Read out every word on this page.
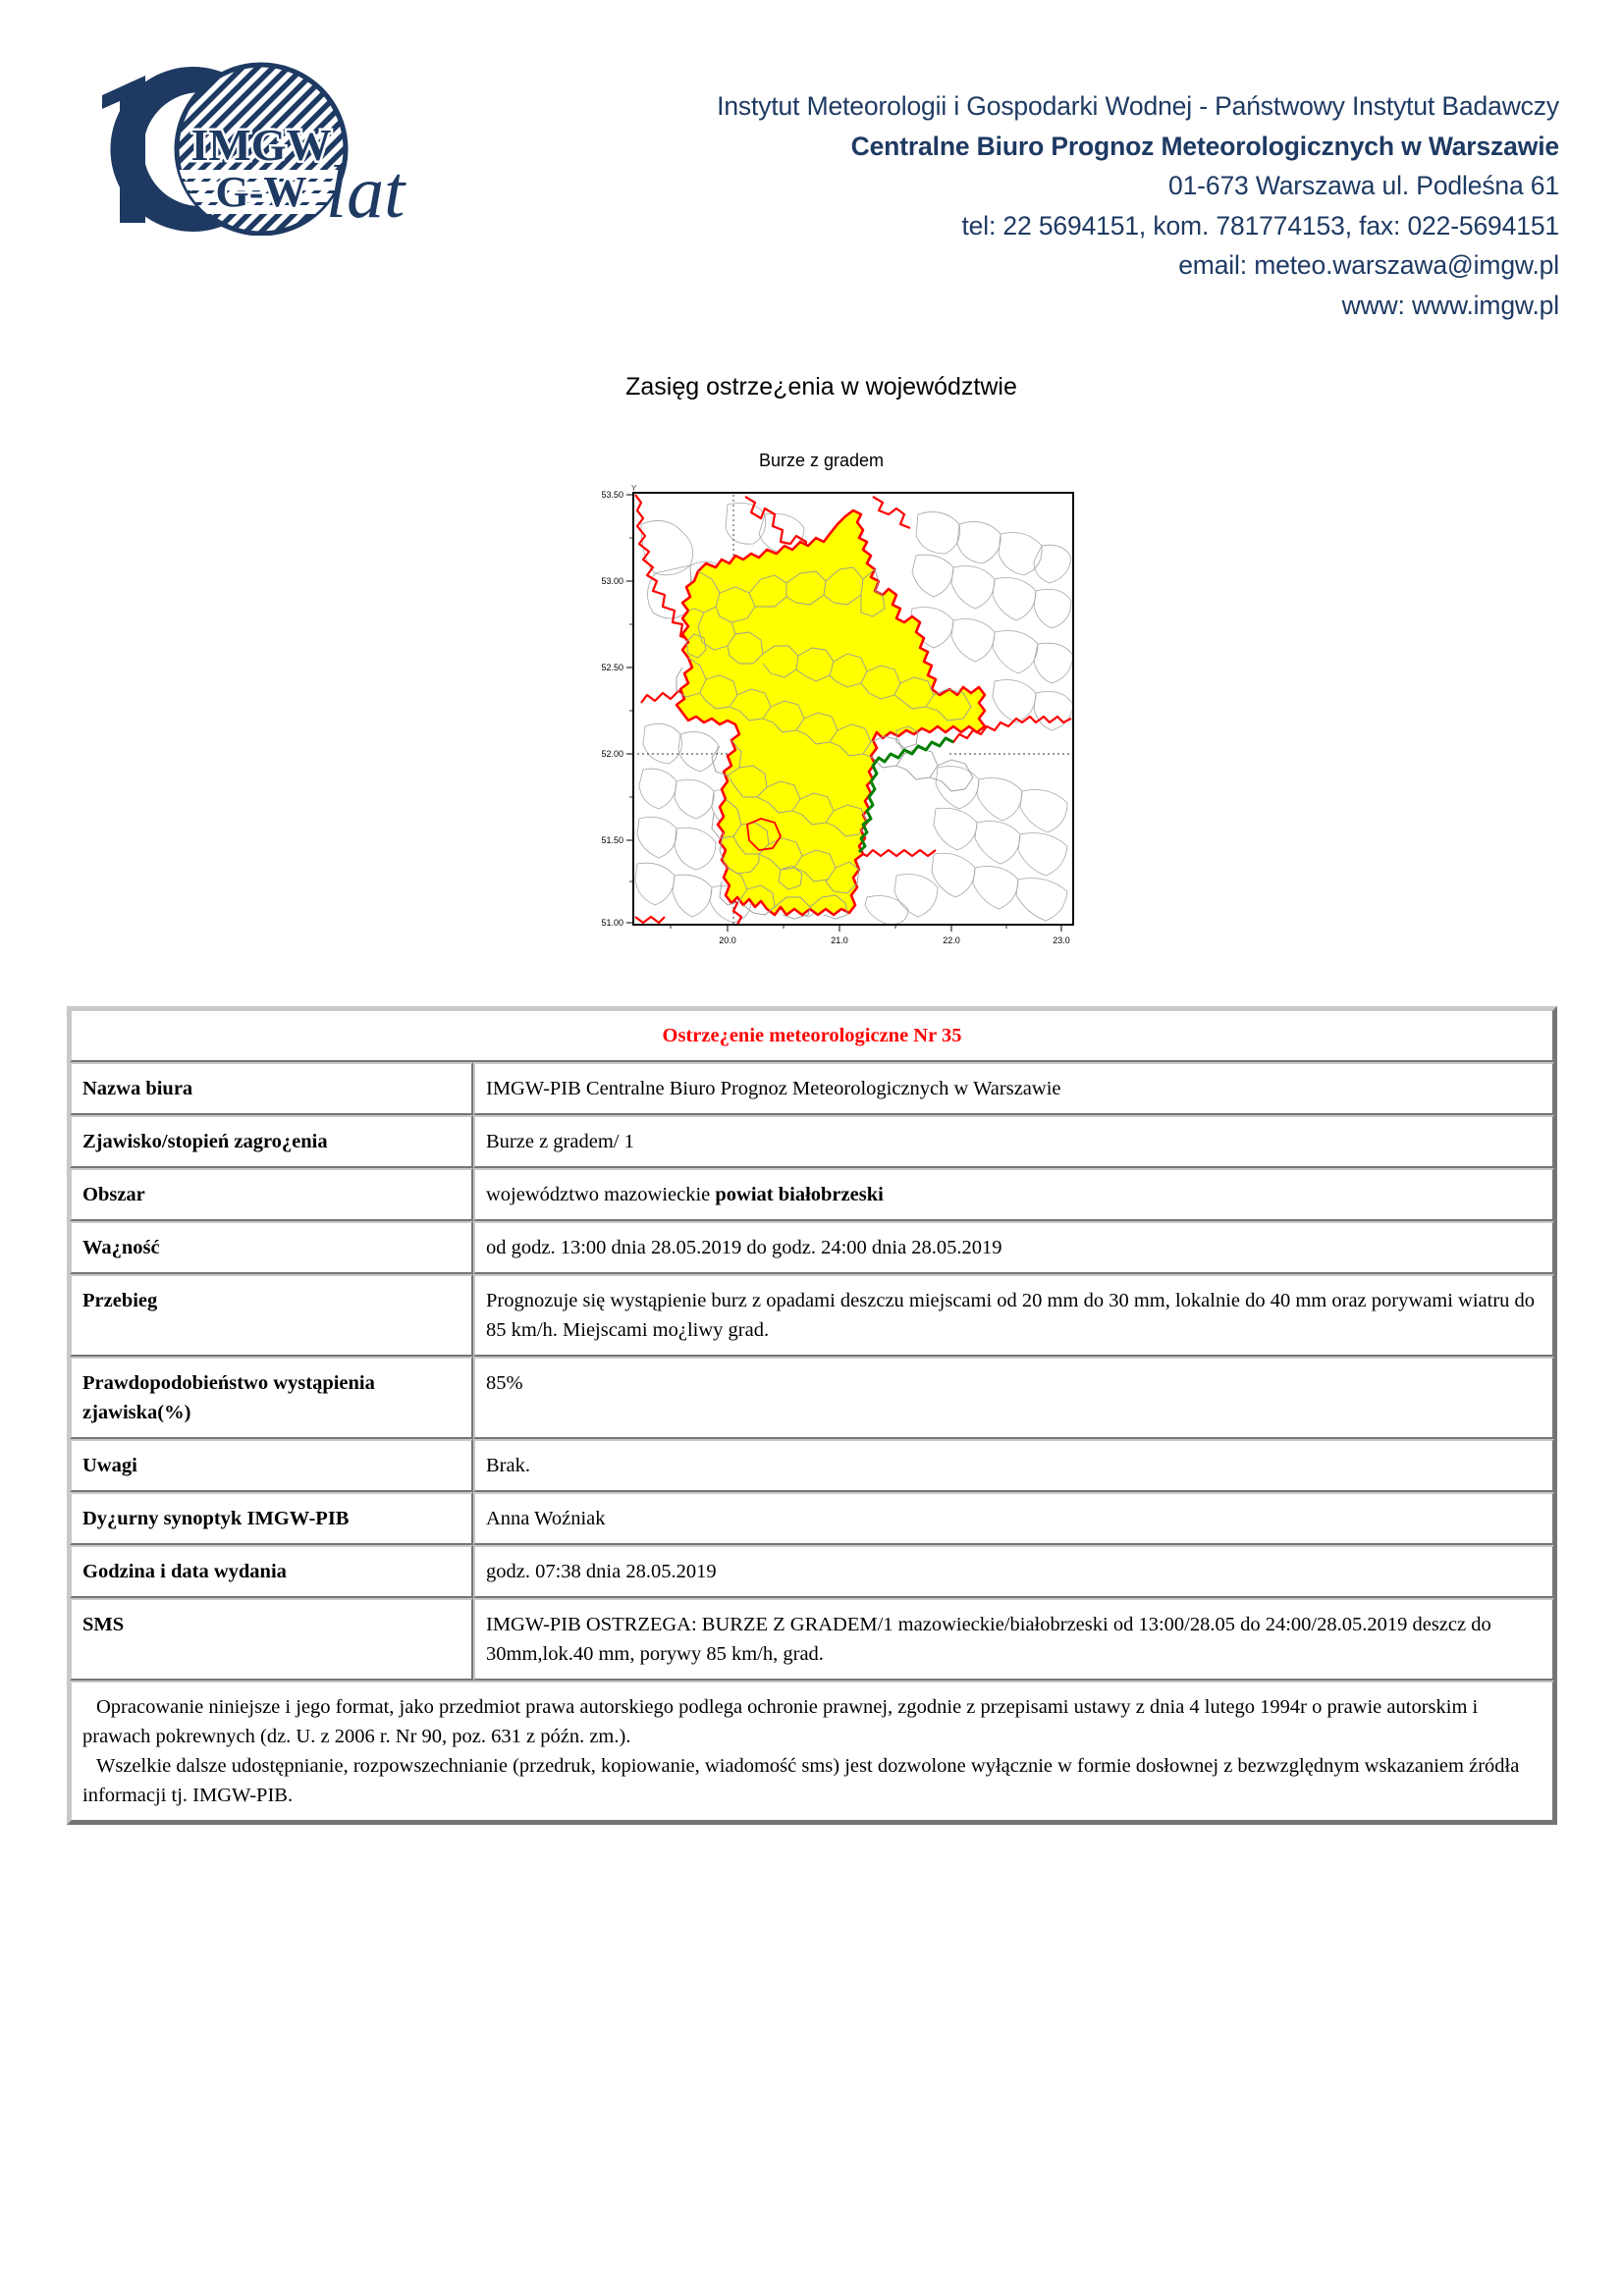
IMGW
G-W lat
Instytut Meteorologii i Gospodarki Wodnej - Państwowy Instytut Badawczy
Centralne Biuro Prognoz Meteorologicznych w Warszawie
01-673 Warszawa ul. Podleśna 61
tel: 22 5694151, kom. 781774153, fax: 022-5694151
email: meteo.warszawa@imgw.pl
www: www.imgw.pl
Zasięg ostrze¿enia w województwie
Burze z gradem
Y
53.50
53.00
52.50
52.00
51.50
51.00
20.0	21.0	22.0	23.0
Ostrze¿enie meteorologiczne Nr 35	
Nazwa biura	IMGW-PIB Centralne Biuro Prognoz Meteorologicznych w Warszawie
Zjawisko/stopień zagro¿enia	Burze z gradem/ 1
Obszar	województwo mazowieckie powiat białobrzeski
Wa¿ność	od godz. 13:00 dnia 28.05.2019 do godz. 24:00 dnia 28.05.2019
Przebieg	Prognozuje się wystąpienie burz z opadami deszczu miejscami od 20 mm do 30 mm, lokalnie do 40 mm oraz porywami wiatru do 85 km/h. Miejscami mo¿liwy grad.
Prawdopodobieństwo wystąpienia zjawiska(%)	85%
Uwagi	Brak.
Dy¿urny synoptyk IMGW-PIB	Anna Woźniak
Godzina i data wydania	godz. 07:38 dnia 28.05.2019
SMS	IMGW-PIB OSTRZEGA: BURZE Z GRADEM/1 mazowieckie/białobrzeski od 13:00/28.05 do 24:00/28.05.2019 deszcz do 30mm,lok.40 mm, porywy 85 km/h, grad.

Opracowanie niniejsze i jego format, jako przedmiot prawa autorskiego podlega ochronie prawnej, zgodnie z przepisami ustawy z dnia 4 lutego 1994r o prawie autorskim i prawach pokrewnych (dz. U. z 2006 r. Nr 90, poz. 631 z późn. zm.).

Wszelkie dalsze udostępnianie, rozpowszechnianie (przedruk, kopiowanie, wiadomość sms) jest dozwolone wyłącznie w formie dosłownej z bezwzględnym wskazaniem źródła informacji tj. IMGW-PIB.	
